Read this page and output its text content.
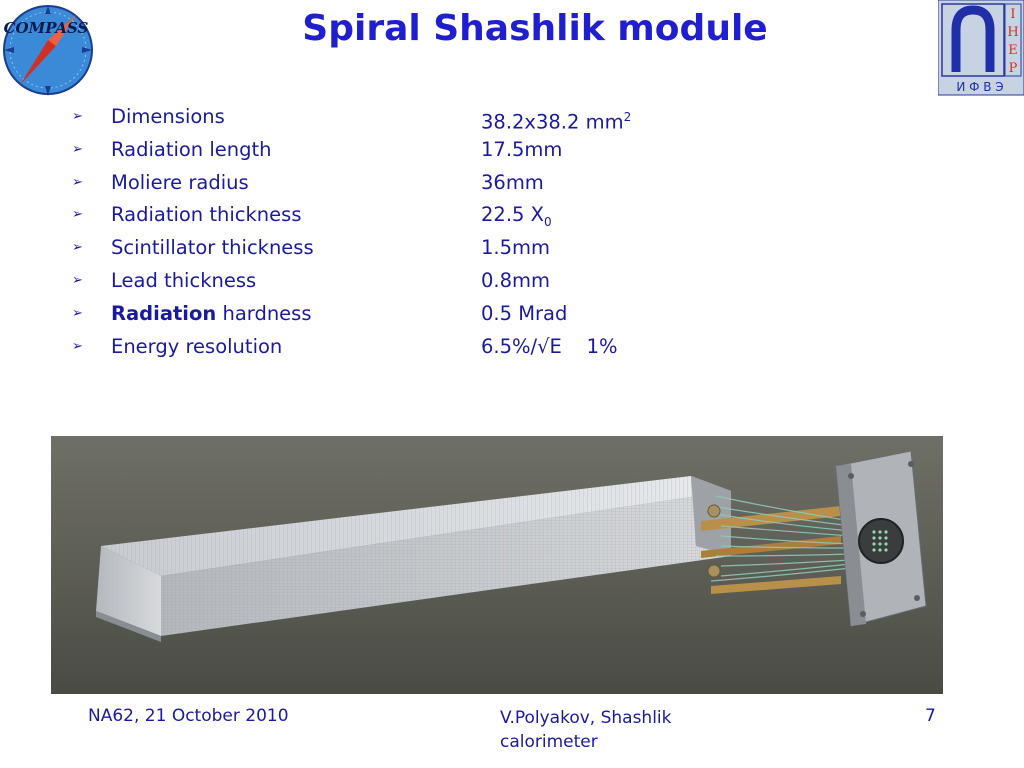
COMPASS	Spiral Shashlik module	I
H
E
P
И Ф В Э
➢ Dimensions	38.2x38.2 $mm^2$
➢ Radiation length	17.5mm
➢ Moliere radius	36mm
➢ Radiation thickness	22.5 $X_0$
➢ Scintillator thickness	1.5mm
➢ Lead thickness	0.8mm
➢ Radiation hardness	0.5 Mrad
➢ Energy resolution	6.5%/√E    1%
NA62, 21 October 2010	V.Polyakov, Shashlik calorimeter
7
